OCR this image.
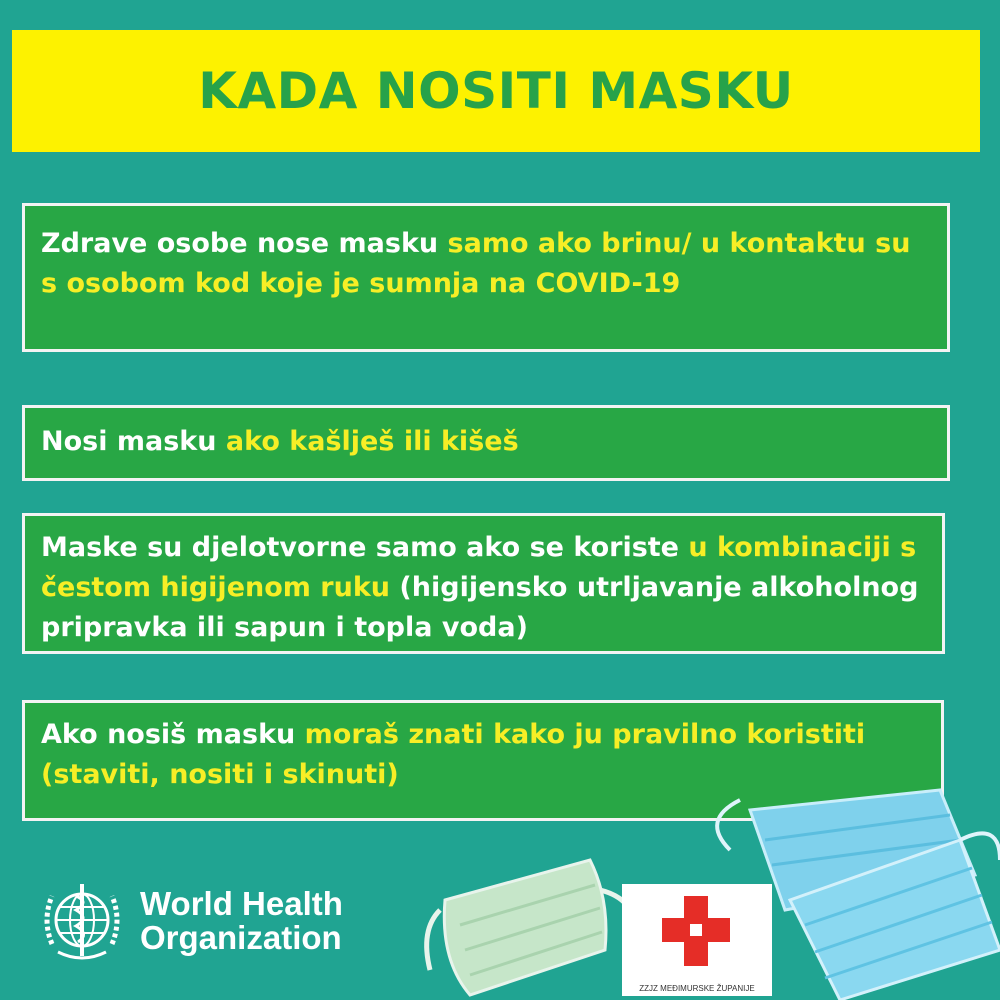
KADA NOSITI MASKU
Zdrave osobe nose masku samo ako brinu/ u kontaktu su s osobom kod koje je sumnja na COVID-19
Nosi masku ako kašlješ ili kišeš
Maske su djelotvorne samo ako se koriste u kombinaciji s čestom higijenom ruku (higijensko utrljavanje alkoholnog pripravka ili sapun i topla voda)
Ako nosiš masku moraš znati kako ju pravilno koristiti (staviti, nositi i skinuti)
World Health
Organization
ZZJZ MEĐIMURSKE ŽUPANIJE
